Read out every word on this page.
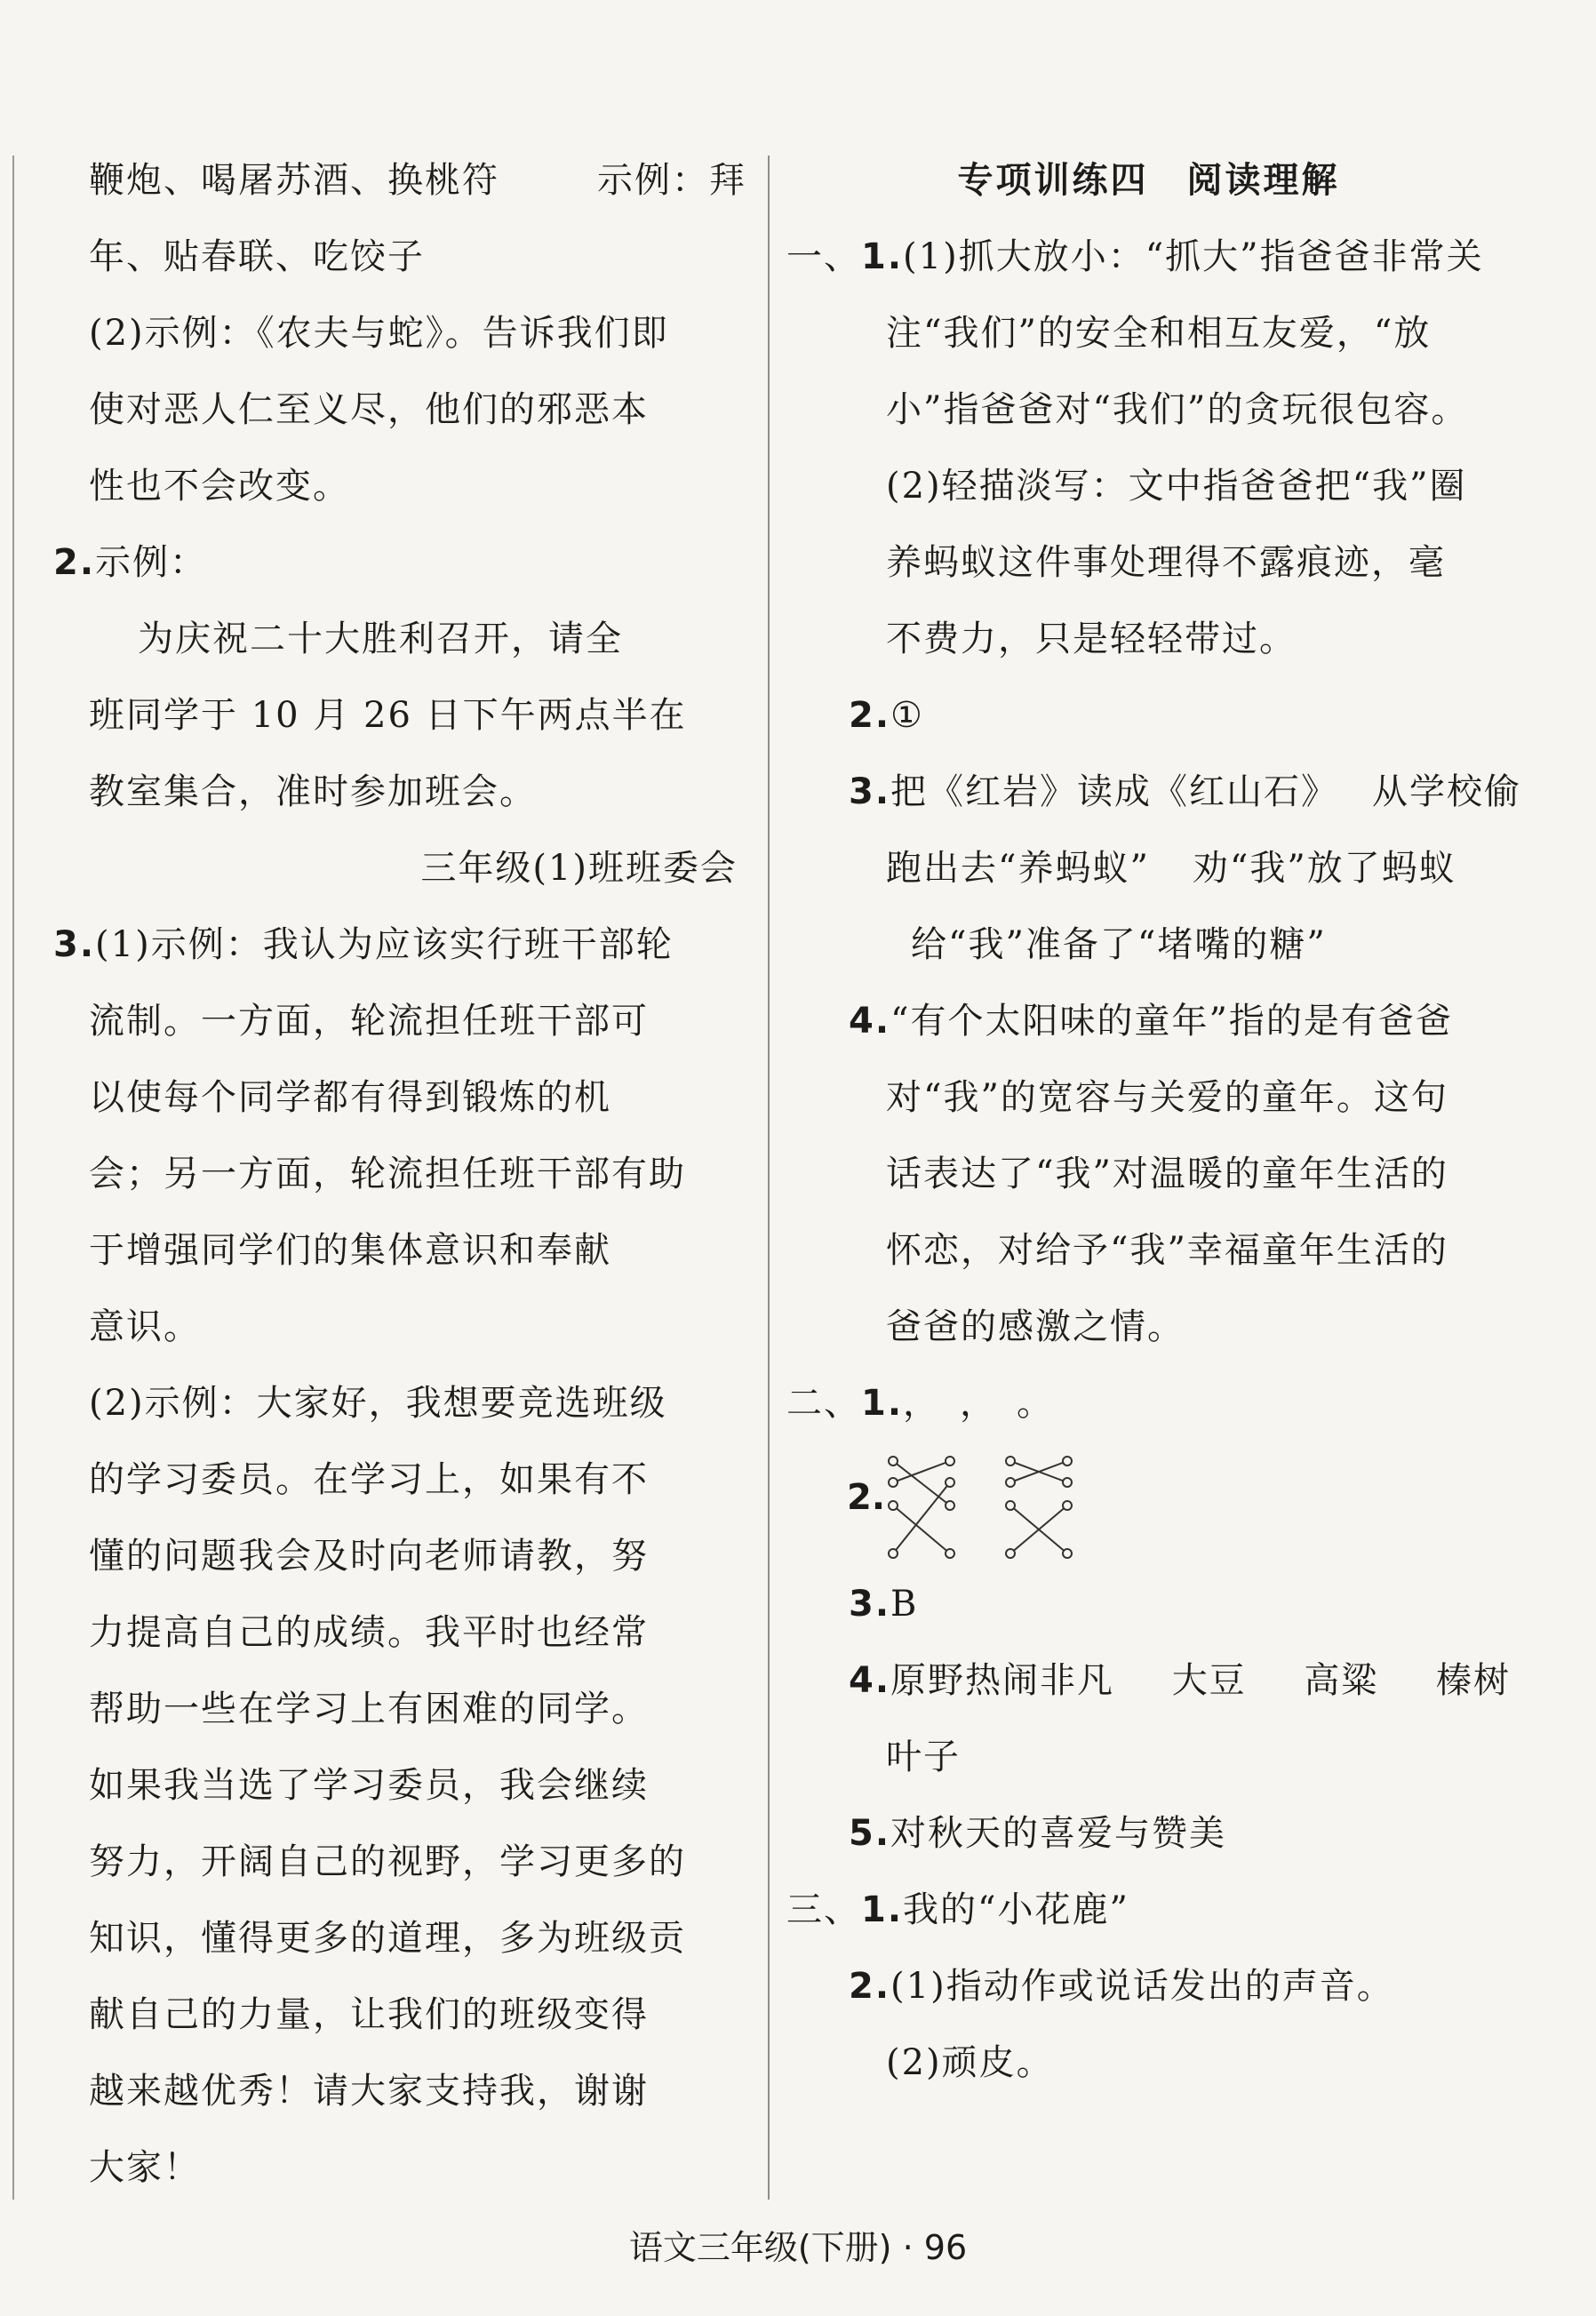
鞭炮、喝屠苏酒、换桃符	示例：拜
年、贴春联、吃饺子
(2)示例：《农夫与蛇》。告诉我们即
使对恶人仁至义尽，他们的邪恶本
性也不会改变。
2.示例：
为庆祝二十大胜利召开，请全
班同学于 10 月 26 日下午两点半在
教室集合，准时参加班会。
三年级(1)班班委会
3.(1)示例：我认为应该实行班干部轮
流制。一方面，轮流担任班干部可
以使每个同学都有得到锻炼的机
会；另一方面，轮流担任班干部有助
于增强同学们的集体意识和奉献
意识。
(2)示例：大家好，我想要竞选班级
的学习委员。在学习上，如果有不
懂的问题我会及时向老师请教，努
力提高自己的成绩。我平时也经常
帮助一些在学习上有困难的同学。
如果我当选了学习委员，我会继续
努力，开阔自己的视野，学习更多的
知识，懂得更多的道理，多为班级贡
献自己的力量，让我们的班级变得
越来越优秀！请大家支持我，谢谢
大家！
专项训练四　阅读理解
一、1.(1)抓大放小：“抓大”指爸爸非常关
注“我们”的安全和相互友爱，“放
小”指爸爸对“我们”的贪玩很包容。
(2)轻描淡写：文中指爸爸把“我”圈
养蚂蚁这件事处理得不露痕迹，毫
不费力，只是轻轻带过。
2.①
3.把《红岩》读成《红山石》 从学校偷
跑出去“养蚂蚁” 劝“我”放了蚂蚁
给“我”准备了“堵嘴的糖”
4.“有个太阳味的童年”指的是有爸爸
对“我”的宽容与关爱的童年。这句
话表达了“我”对温暖的童年生活的
怀恋，对给予“我”幸福童年生活的
爸爸的感激之情。
二、1.，　，　。
2.
3.B
4.原野热闹非凡 大豆 高粱 榛树
叶子
5.对秋天的喜爱与赞美
三、1.我的“小花鹿”
2.(1)指动作或说话发出的声音。
(2)顽皮。
语文三年级(下册) · 96
